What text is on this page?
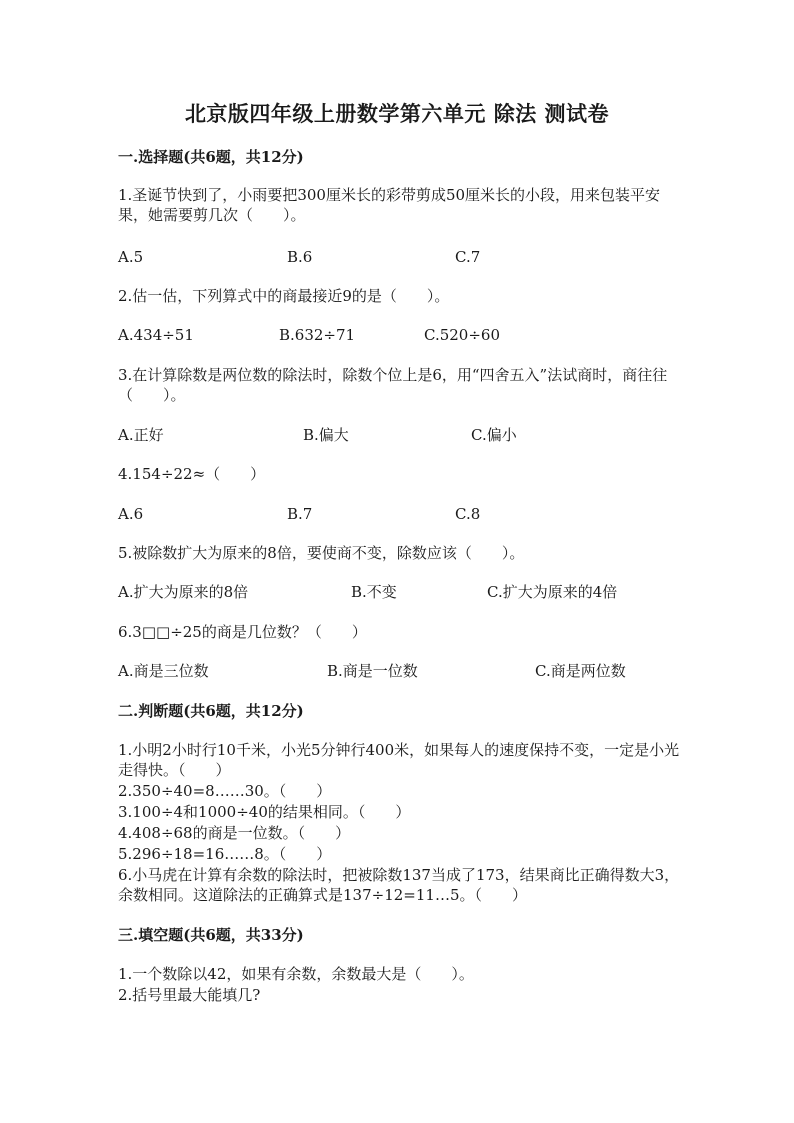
北京版四年级上册数学第六单元 除法 测试卷
一.选择题(共6题，共12分)
1.圣诞节快到了，小雨要把300厘米长的彩带剪成50厘米长的小段，用来包装平安果，她需要剪几次（　　）。
A.5	B.6	C.7
2.估一估，下列算式中的商最接近9的是（　　）。
A.434÷51	B.632÷71	C.520÷60
3.在计算除数是两位数的除法时，除数个位上是6，用“四舍五入”法试商时，商往往（　　）。
A.正好	B.偏大	C.偏小
4.154÷22≈（　　）
A.6	B.7	C.8
5.被除数扩大为原来的8倍，要使商不变，除数应该（　　）。
A.扩大为原来的8倍	B.不变	C.扩大为原来的4倍
6.3□□÷25的商是几位数？（　　）
A.商是三位数	B.商是一位数	C.商是两位数
二.判断题(共6题，共12分)
1.小明2小时行10千米，小光5分钟行400米，如果每人的速度保持不变，一定是小光走得快。（　　）
2.350÷40=8……30。（　　）
3.100÷4和1000÷40的结果相同。（　　）
4.408÷68的商是一位数。（　　）
5.296÷18=16……8。（　　）
6.小马虎在计算有余数的除法时，把被除数137当成了173，结果商比正确得数大3，余数相同。这道除法的正确算式是137÷12=11…5。（　　）
三.填空题(共6题，共33分)
1.一个数除以42，如果有余数，余数最大是（　　）。
2.括号里最大能填几?
